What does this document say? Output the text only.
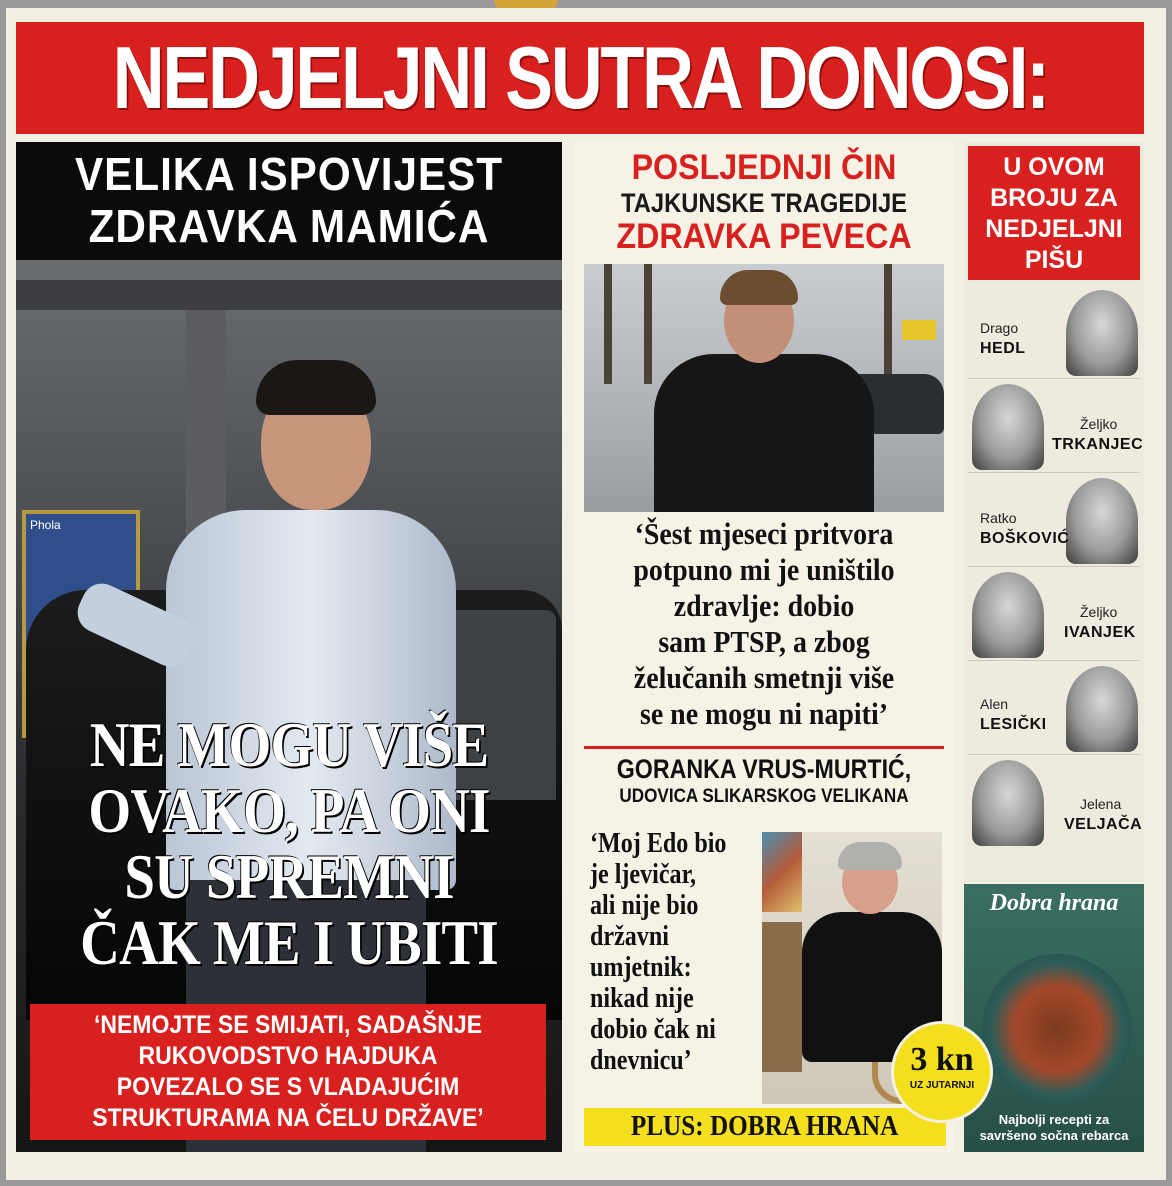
NEDJELJNI SUTRA DONOSI:
VELIKA ISPOVIJEST
ZDRAVKA MAMIĆA
Phola
NE MOGU VIŠE
OVAKO, PA ONI
SU SPREMNI
ČAK ME I UBITI
‘NEMOJTE SE SMIJATI, SADAŠNJE
RUKOVODSTVO HAJDUKA
POVEZALO SE S VLADAJUĆIM
STRUKTURAMA NA ČELU DRŽAVE’
POSLJEDNJI ČIN
TAJKUNSKE TRAGEDIJE
ZDRAVKA PEVECA
‘Šest mjeseci pritvora
potpuno mi je uništilo
zdravlje: dobio
sam PTSP, a zbog
želučanih smetnji više
se ne mogu ni napiti’
GORANKA VRUS-MURTIĆ,
UDOVICA SLIKARSKOG VELIKANA
‘Moj Edo bio
je ljevičar,
ali nije bio
državni
umjetnik:
nikad nije
dobio čak ni
dnevnicu’
PLUS: DOBRA HRANA
U OVOM
BROJU ZA
NEDJELJNI
PIŠU
Drago
HEDL
Željko
TRKANJEC
Ratko
BOŠKOVIĆ
Željko
IVANJEK
Alen
LESIČKI
Jelena
VELJAČA
Dobra hrana
Najbolji recepti za
savršeno sočna rebarca
3 kn
UZ JUTARNJI
